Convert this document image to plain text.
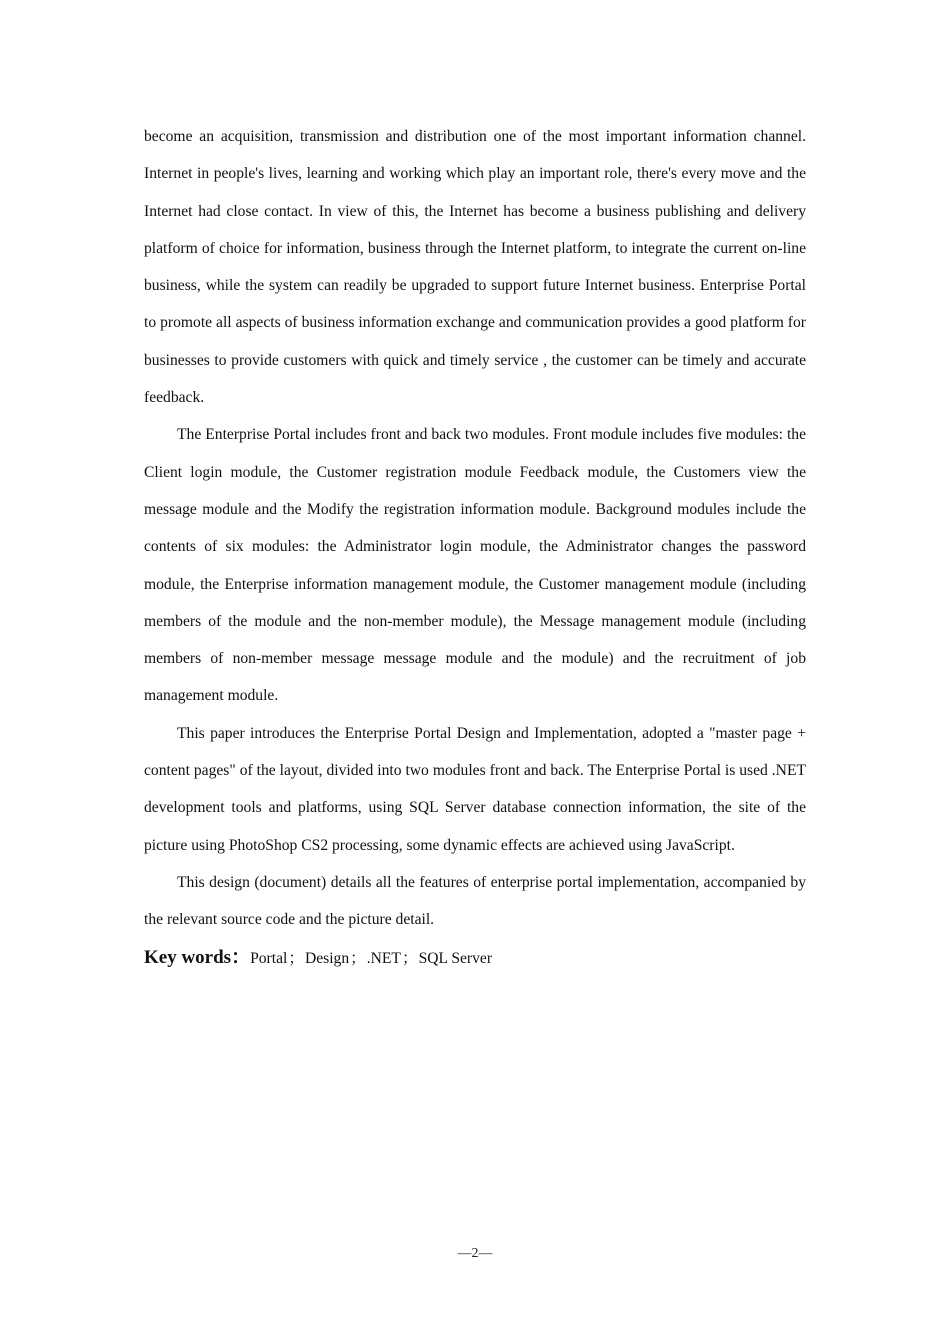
become an acquisition, transmission and distribution one of the most important information channel. Internet in people's lives, learning and working which play an important role, there's every move and the Internet had close contact. In view of this, the Internet has become a business publishing and delivery platform of choice for information, business through the Internet platform, to integrate the current on-line business, while the system can readily be upgraded to support future Internet business. Enterprise Portal to promote all aspects of business information exchange and communication provides a good platform for businesses to provide customers with quick and timely service , the customer can be timely and accurate feedback.

The Enterprise Portal includes front and back two modules. Front module includes five modules: the Client login module, the Customer registration module Feedback module, the Customers view the message module and the Modify the registration information module. Background modules include the contents of six modules: the Administrator login module, the Administrator changes the password module, the Enterprise information management module, the Customer management module (including members of the module and the non-member module), the Message management module (including members of non-member message message module and the module) and the recruitment of job management module.

This paper introduces the Enterprise Portal Design and Implementation, adopted a "master page + content pages" of the layout, divided into two modules front and back. The Enterprise Portal is used .NET development tools and platforms, using SQL Server database connection information, the site of the picture using PhotoShop CS2 processing, some dynamic effects are achieved using JavaScript.

This design (document) details all the features of enterprise portal implementation, accompanied by the relevant source code and the picture detail.

Key words：Portal；Design；.NET；SQL Server
—2—
